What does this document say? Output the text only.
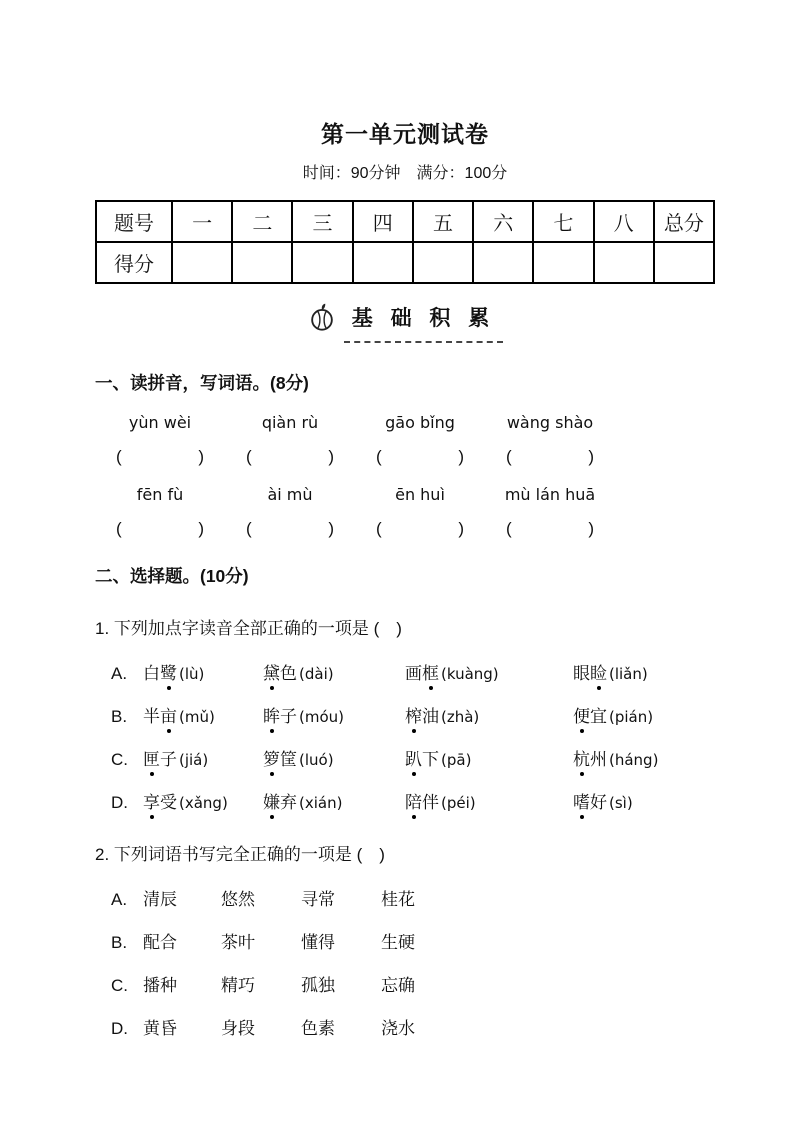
第一单元测试卷
时间：90分钟　满分：100分
题号	一	二	三	四	五	六	七	八	总分
得分									
基 础 积 累
一、读拼音，写词语。(8分)
yùn wèi	qiàn rù	gāo bǐng	wàng shào
(	) (	) (	) (	)
fēn fù	ài mù	ēn huì	mù lán huā
(	) (	) (	) (	)
二、选择题。(10分)

1. 下列加点字读音全部正确的一项是 (　)

A. 白鹭 (lù)	黛色 (dài)	画框 (kuàng)	眼睑 (liǎn)
B. 半亩 (mǔ)	眸子 (móu)	榨油 (zhà)	便宜 (pián)
C. 匣子 (jiá)	箩筐 (luó)	趴下 (pā)	杭州 (háng)
D. 享受 (xǎng)	嫌弃 (xián)	陪伴 (péi)	嗜好 (sì)

2. 下列词语书写完全正确的一项是 (　)

A. 清辰	悠然	寻常	桂花
B. 配合	茶叶	懂得	生硬
C. 播种	精巧	孤独	忘确
D. 黄昏	身段	色素	浇水
